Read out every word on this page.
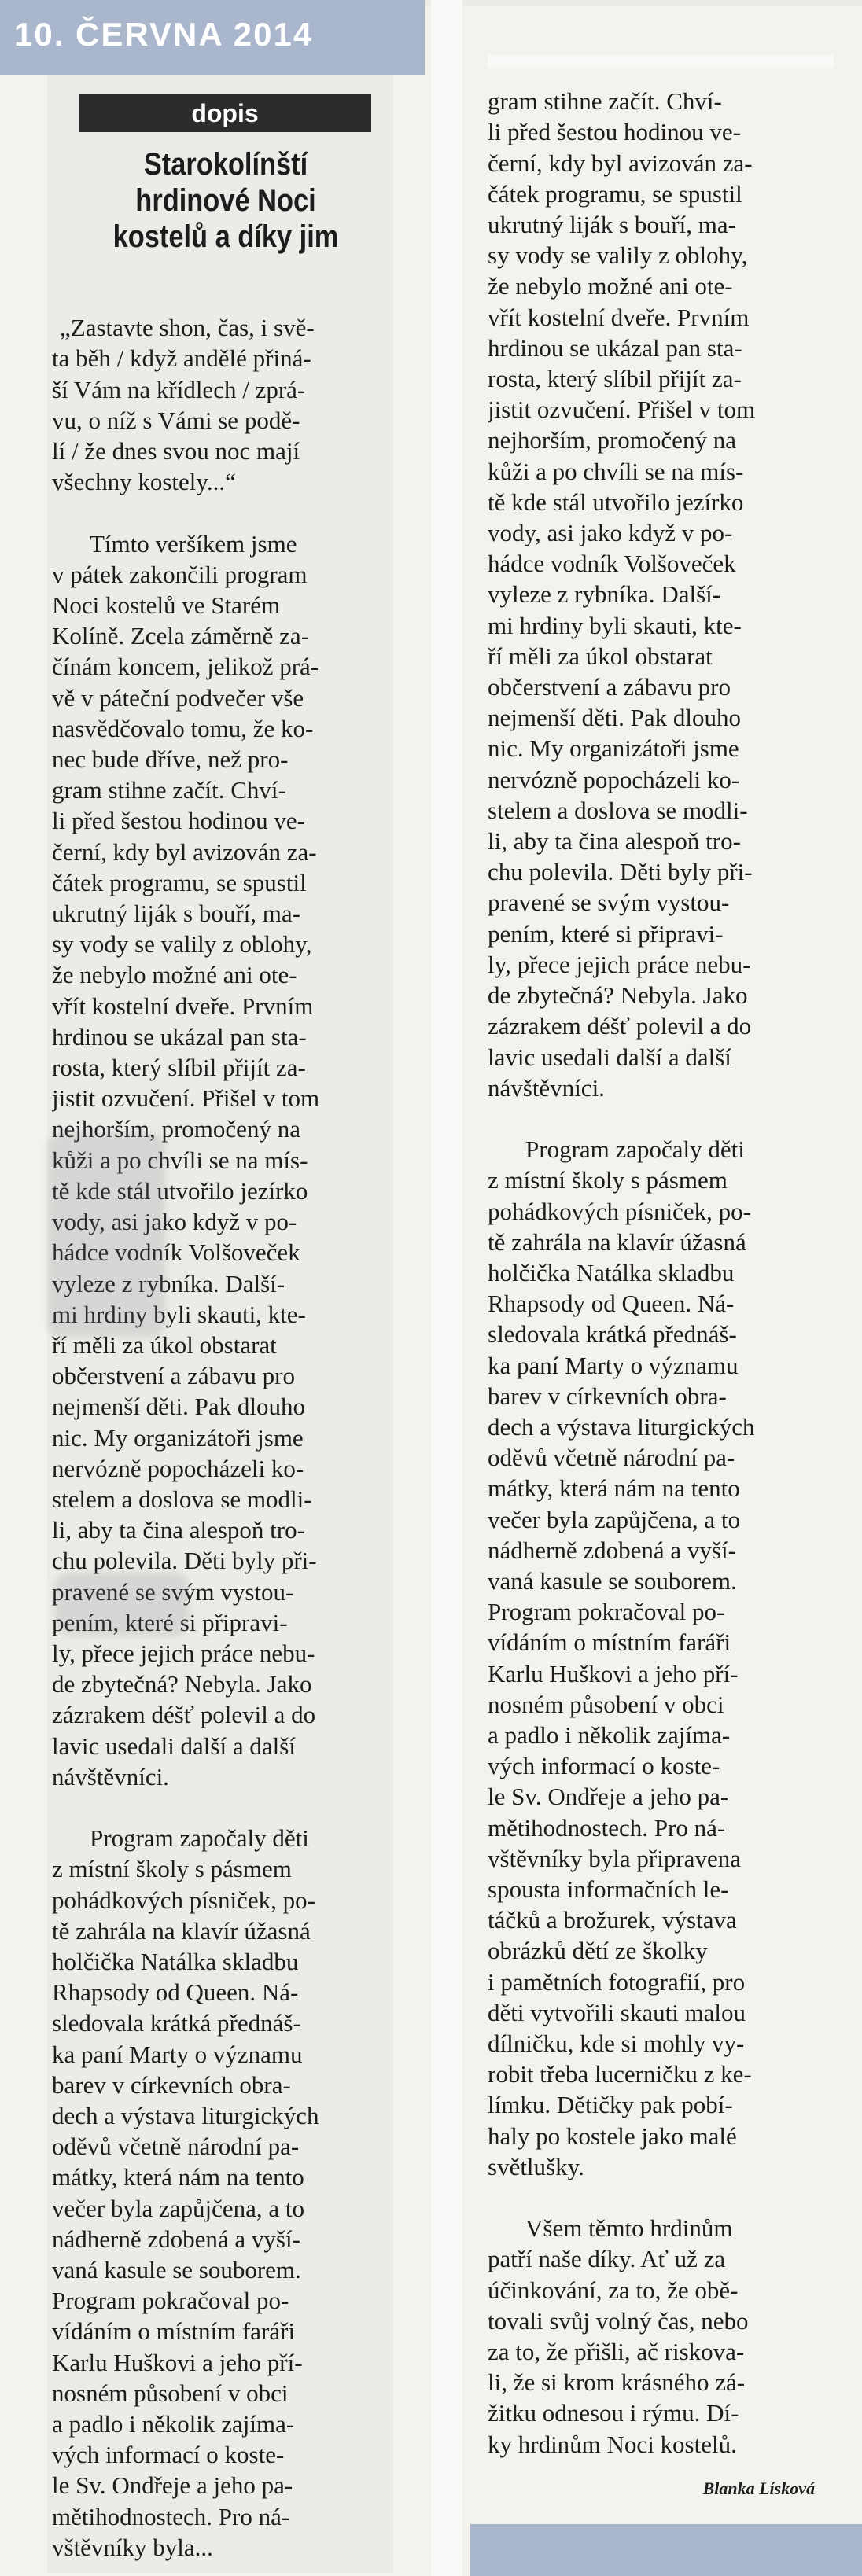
10. ČERVNA 2014
dopis
Starokolínští
hrdinové Noci
kostelů a díky jim

„Zastavte shon, čas, i svě-
ta běh / když andělé přiná-
ší Vám na křídlech / zprá-
vu, o níž s Vámi se podě-
lí / že dnes svou noc mají
všechny kostely...“

Tímto veršíkem jsme
v pátek zakončili program
Noci kostelů ve Starém
Kolíně. Zcela záměrně za-
čínám koncem, jelikož prá-
vě v páteční podvečer vše
nasvědčovalo tomu, že ko-
nec bude dříve, než pro-
gram stihne začít. Chví-
li před šestou hodinou ve-
černí, kdy byl avizován za-
čátek programu, se spustil
ukrutný liják s bouří, ma-
sy vody se valily z oblohy,
že nebylo možné ani ote-
vřít kostelní dveře. Prvním
hrdinou se ukázal pan sta-
rosta, který slíbil přijít za-
jistit ozvučení. Přišel v tom
nejhorším, promočený na
kůži a po chvíli se na mís-
tě kde stál utvořilo jezírko
vody, asi jako když v po-
hádce vodník Volšoveček
vyleze z rybníka. Další-
mi hrdiny byli skauti, kte-
ří měli za úkol obstarat
občerstvení a zábavu pro
nejmenší děti. Pak dlouho
nic. My organizátoři jsme
nervózně popocházeli ko-
stelem a doslova se modli-
li, aby ta čina alespoň tro-
chu polevila. Děti byly při-
pravené se svým vystou-
pením, které si připravi-
ly, přece jejich práce nebu-
de zbytečná? Nebyla. Jako
zázrakem déšť polevil a do
lavic usedali další a další
návštěvníci.

Program započaly děti
z místní školy s pásmem
pohádkových písniček, po-
tě zahrála na klavír úžasná
holčička Natálka skladbu
Rhapsody od Queen. Ná-
sledovala krátká přednáš-
ka paní Marty o významu
barev v církevních obra-
dech a výstava liturgických
oděvů včetně národní pa-
mátky, která nám na tento
večer byla zapůjčena, a to
nádherně zdobená a vyší-
vaná kasule se souborem.
Program pokračoval po-
vídáním o místním faráři
Karlu Huškovi a jeho pří-
nosném působení v obci
a padlo i několik zajíma-
vých informací o koste-
le Sv. Ondřeje a jeho pa-
mětihodnostech. Pro ná-
vštěvníky byla...

gram stihne začít. Chví-
li před šestou hodinou ve-
černí, kdy byl avizován za-
čátek programu, se spustil
ukrutný liják s bouří, ma-
sy vody se valily z oblohy,
že nebylo možné ani ote-
vřít kostelní dveře. Prvním
hrdinou se ukázal pan sta-
rosta, který slíbil přijít za-
jistit ozvučení. Přišel v tom
nejhorším, promočený na
kůži a po chvíli se na mís-
tě kde stál utvořilo jezírko
vody, asi jako když v po-
hádce vodník Volšoveček
vyleze z rybníka. Další-
mi hrdiny byli skauti, kte-
ří měli za úkol obstarat
občerstvení a zábavu pro
nejmenší děti. Pak dlouho
nic. My organizátoři jsme
nervózně popocházeli ko-
stelem a doslova se modli-
li, aby ta čina alespoň tro-
chu polevila. Děti byly při-
pravené se svým vystou-
pením, které si připravi-
ly, přece jejich práce nebu-
de zbytečná? Nebyla. Jako
zázrakem déšť polevil a do
lavic usedali další a další
návštěvníci.

Program započaly děti
z místní školy s pásmem
pohádkových písniček, po-
tě zahrála na klavír úžasná
holčička Natálka skladbu
Rhapsody od Queen. Ná-
sledovala krátká přednáš-
ka paní Marty o významu
barev v církevních obra-
dech a výstava liturgických
oděvů včetně národní pa-
mátky, která nám na tento
večer byla zapůjčena, a to
nádherně zdobená a vyší-
vaná kasule se souborem.
Program pokračoval po-
vídáním o místním faráři
Karlu Huškovi a jeho pří-
nosném působení v obci
a padlo i několik zajíma-
vých informací o koste-
le Sv. Ondřeje a jeho pa-
mětihodnostech. Pro ná-
vštěvníky byla připravena
spousta informačních le-
táčků a brožurek, výstava
obrázků dětí ze školky
i pamětních fotografií, pro
děti vytvořili skauti malou
dílničku, kde si mohly vy-
robit třeba lucerničku z ke-
límku. Dětičky pak pobí-
haly po kostele jako malé
světlušky.

Všem těmto hrdinům
patří naše díky. Ať už za
účinkování, za to, že obě-
tovali svůj volný čas, nebo
za to, že přišli, ač riskova-
li, že si krom krásného zá-
žitku odnesou i rýmu. Dí-
ky hrdinům Noci kostelů.

Blanka Lísková
